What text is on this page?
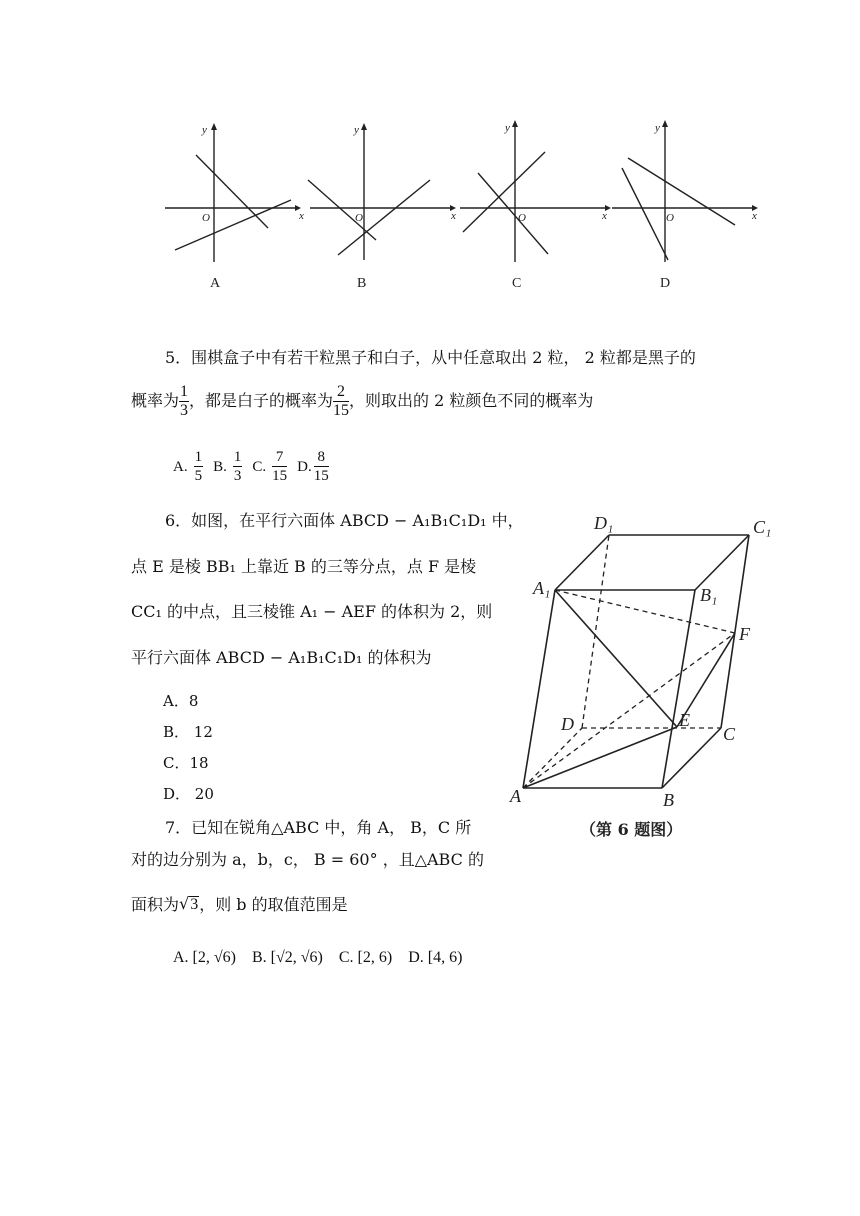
x
y
O	x
y
O	x
y
O	x
y
O
A	B	C	D
5．围棋盒子中有若干粒黑子和白子，从中任意取出 2 粒， 2 粒都是黑子的
概率为 $\frac{1}{3}$ ，都是白子的概率为 $\frac{2}{15}$ ，则取出的 2 粒颜色不同的概率为
A. $\frac{1}{5} B$. $\frac{1}{3} C$. $\frac{7}{15} D$. $\frac{8}{15}$
6．如图，在平行六面体 ABCD − A₁B₁C₁D₁ 中，
点 E 是棱 BB₁ 上靠近 B 的三等分点，点 F 是棱
CC₁ 的中点，且三棱锥 A₁ − AEF 的体积为 2，则
平行六面体 ABCD − A₁B₁C₁D₁ 的体积为
A．8
B． 12
C．18
D． 20	A	B
C
D
A₁	B₁
C₁
D₁
E
F
（第 6 题图）
7．已知在锐角△ABC 中，角 A， B，C 所
对的边分别为 a，b，c， B = 60° ，且△ABC 的
面积为 √ 3 ，则 b 的取值范围是
A. [2, √6)    B. [√2, √6)    C. [2, 6)    D. [4, 6)
